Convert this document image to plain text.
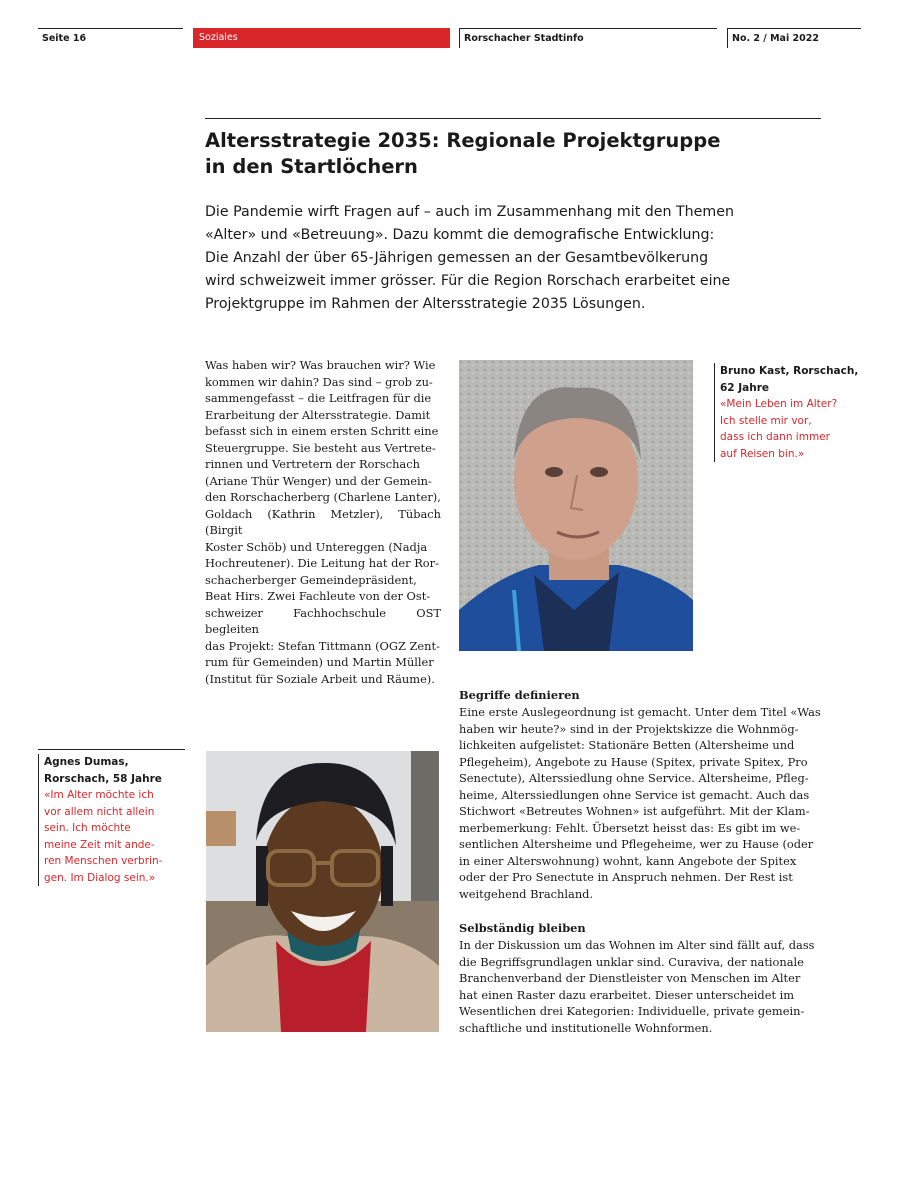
Seite 16	Soziales	Rorschacher Stadtinfo	No. 2 / Mai 2022
Altersstrategie 2035: Regionale Projektgruppe
in den Startlöchern
Die Pandemie wirft Fragen auf – auch im Zusammenhang mit den Themen
«Alter» und «Betreuung». Dazu kommt die demografische Entwicklung:
Die Anzahl der über 65-Jährigen gemessen an der Gesamtbevölkerung
wird schweizweit immer grösser. Für die Region Rorschach erarbeitet eine
Projektgruppe im Rahmen der Altersstrategie 2035 Lösungen.
Was haben wir? Was brauchen wir? Wie
kommen wir dahin? Das sind – grob zu-
sammengefasst – die Leitfragen für die
Erarbeitung der Altersstrategie. Damit
befasst sich in einem ersten Schritt eine
Steuergruppe. Sie besteht aus Vertrete-
rinnen und Vertretern der Rorschach
(Ariane Thür Wenger) und der Gemein-
den Rorschacherberg (Charlene Lanter),
Goldach (Kathrin Metzler), Tübach (Birgit
Koster Schöb) und Untereggen (Nadja
Hochreutener). Die Leitung hat der Ror-
schacherberger Gemeindepräsident,
Beat Hirs. Zwei Fachleute von der Ost-
schweizer Fachhochschule OST begleiten
das Projekt: Stefan Tittmann (OGZ Zent-
rum für Gemeinden) und Martin Müller
(Institut für Soziale Arbeit und Räume).
Bruno Kast, Rorschach,
62 Jahre
«Mein Leben im Alter?
Ich stelle mir vor,
dass ich dann immer
auf Reisen bin.»
Begriffe definieren
Eine erste Auslegeordnung ist gemacht. Unter dem Titel «Was
haben wir heute?» sind in der Projektskizze die Wohnmög-
lichkeiten aufgelistet: Stationäre Betten (Altersheime und
Pflegeheim), Angebote zu Hause (Spitex, private Spitex, Pro
Senectute), Alterssiedlung ohne Service. Altersheime, Pfleg-
heime, Alterssiedlungen ohne Service ist gemacht. Auch das
Stichwort «Betreutes Wohnen» ist aufgeführt. Mit der Klam-
merbemerkung: Fehlt. Übersetzt heisst das: Es gibt im we-
sentlichen Altersheime und Pflegeheime, wer zu Hause (oder
in einer Alterswohnung) wohnt, kann Angebote der Spitex
oder der Pro Senectute in Anspruch nehmen. Der Rest ist
weitgehend Brachland.
Selbständig bleiben
In der Diskussion um das Wohnen im Alter sind fällt auf, dass
die Begriffsgrundlagen unklar sind. Curaviva, der nationale
Branchenverband der Dienstleister von Menschen im Alter
hat einen Raster dazu erarbeitet. Dieser unterscheidet im
Wesentlichen drei Kategorien: Individuelle, private gemein-
schaftliche und institutionelle Wohnformen.
Agnes Dumas,
Rorschach, 58 Jahre
«Im Alter möchte ich
vor allem nicht allein
sein. Ich möchte
meine Zeit mit ande-
ren Menschen verbrin-
gen. Im Dialog sein.»
